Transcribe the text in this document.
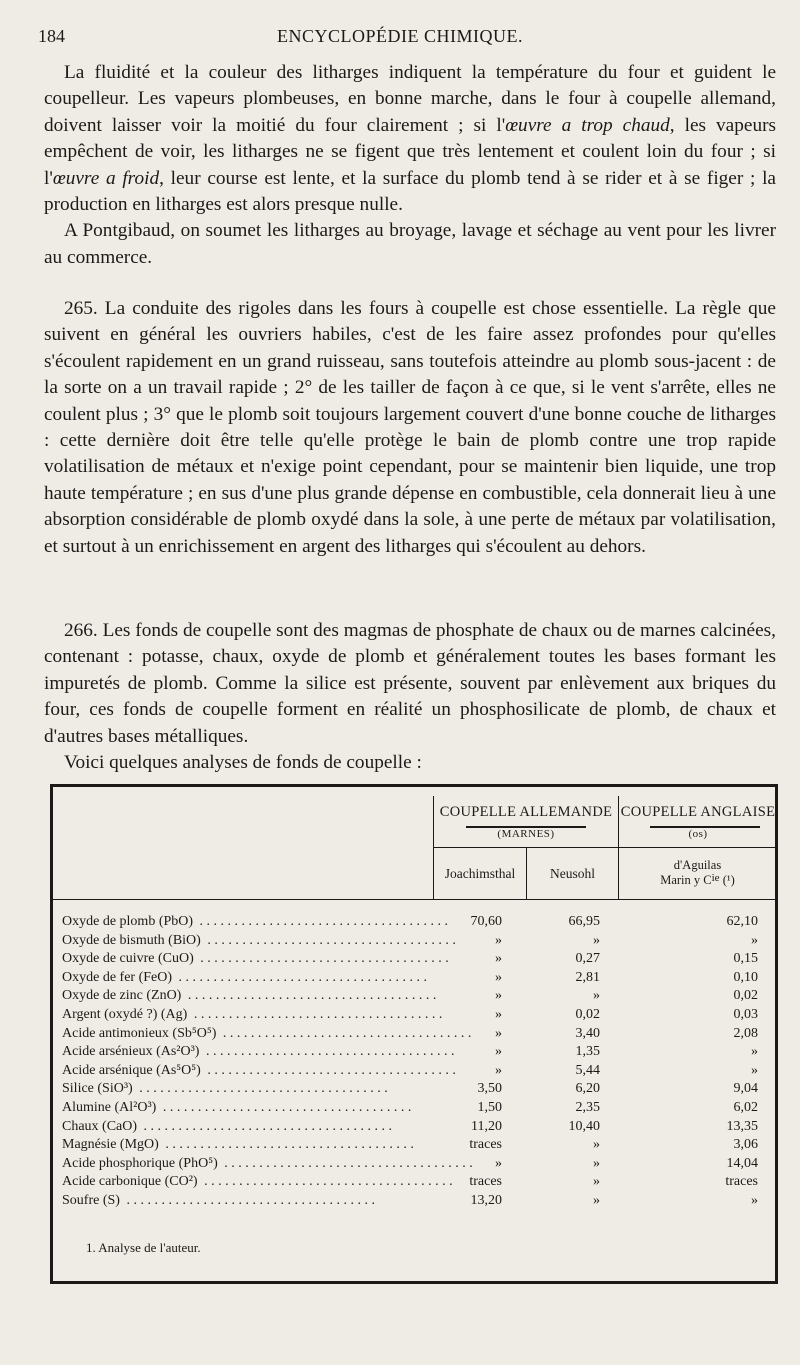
184	ENCYCLOPÉDIE CHIMIQUE.

La fluidité et la couleur des litharges indiquent la température du four et guident le coupelleur. Les vapeurs plombeuses, en bonne marche, dans le four à coupelle allemand, doivent laisser voir la moitié du four clairement ; si l'œuvre a trop chaud, les vapeurs empêchent de voir, les litharges ne se figent que très lentement et coulent loin du four ; si l'œuvre a froid, leur course est lente, et la surface du plomb tend à se rider et à se figer ; la production en litharges est alors presque nulle.

A Pontgibaud, on soumet les litharges au broyage, lavage et séchage au vent pour les livrer au commerce.

265. La conduite des rigoles dans les fours à coupelle est chose essentielle. La règle que suivent en général les ouvriers habiles, c'est de les faire assez profondes pour qu'elles s'écoulent rapidement en un grand ruisseau, sans toutefois atteindre au plomb sous-jacent : de la sorte on a un travail rapide ; 2° de les tailler de façon à ce que, si le vent s'arrête, elles ne coulent plus ; 3° que le plomb soit toujours largement couvert d'une bonne couche de litharges : cette dernière doit être telle qu'elle protège le bain de plomb contre une trop rapide volatilisation de métaux et n'exige point cependant, pour se maintenir bien liquide, une trop haute température ; en sus d'une plus grande dépense en combustible, cela donnerait lieu à une absorption considérable de plomb oxydé dans la sole, à une perte de métaux par volatilisation, et surtout à un enrichissement en argent des litharges qui s'écoulent au dehors.

266. Les fonds de coupelle sont des magmas de phosphate de chaux ou de marnes calcinées, contenant : potasse, chaux, oxyde de plomb et généralement toutes les bases formant les impuretés de plomb. Comme la silice est présente, souvent par enlèvement aux briques du four, ces fonds de coupelle forment en réalité un phosphosilicate de plomb, de chaux et d'autres bases métalliques.

Voici quelques analyses de fonds de coupelle :

COUPELLE ALLEMANDE
(MARNES)
COUPELLE ANGLAISE
(os)
Joachimsthal	Neusohl
d'Aguilas
Marin y $C^{ie}$ (¹)
Oxyde de plomb (PbO) . . . . . . . . . . . . . . . . . . . . . . . . . . . . . . . . . . . .	70,60	66,95	62,10
Oxyde de bismuth (BiO) . . . . . . . . . . . . . . . . . . . . . . . . . . . . . . . . . . . .	»	»	»
Oxyde de cuivre (CuO) . . . . . . . . . . . . . . . . . . . . . . . . . . . . . . . . . . . .	»	0,27	0,15
Oxyde de fer (FeO) . . . . . . . . . . . . . . . . . . . . . . . . . . . . . . . . . . . .	»	2,81	0,10
Oxyde de zinc (ZnO) . . . . . . . . . . . . . . . . . . . . . . . . . . . . . . . . . . . .	»	»	0,02
Argent (oxydé ?) (Ag) . . . . . . . . . . . . . . . . . . . . . . . . . . . . . . . . . . . .	»	0,02	0,03
Acide antimonieux (Sb⁵O⁵) . . . . . . . . . . . . . . . . . . . . . . . . . . . . . . . . . . . .	»	3,40	2,08
Acide arsénieux (As²O³) . . . . . . . . . . . . . . . . . . . . . . . . . . . . . . . . . . . .	»	1,35	»
Acide arsénique (As⁵O⁵) . . . . . . . . . . . . . . . . . . . . . . . . . . . . . . . . . . . .	»	5,44	»
Silice (SiO³) . . . . . . . . . . . . . . . . . . . . . . . . . . . . . . . . . . . .	3,50	6,20	9,04
Alumine (Al²O³) . . . . . . . . . . . . . . . . . . . . . . . . . . . . . . . . . . . .	1,50	2,35	6,02
Chaux (CaO) . . . . . . . . . . . . . . . . . . . . . . . . . . . . . . . . . . . .	11,20	10,40	13,35
Magnésie (MgO) . . . . . . . . . . . . . . . . . . . . . . . . . . . . . . . . . . . .	traces	»	3,06
Acide phosphorique (PhO⁵) . . . . . . . . . . . . . . . . . . . . . . . . . . . . . . . . . . . .	»	»	14,04
Acide carbonique (CO²) . . . . . . . . . . . . . . . . . . . . . . . . . . . . . . . . . . . .	traces	»	traces
Soufre (S) . . . . . . . . . . . . . . . . . . . . . . . . . . . . . . . . . . . .	13,20	»	»
1. Analyse de l'auteur.
